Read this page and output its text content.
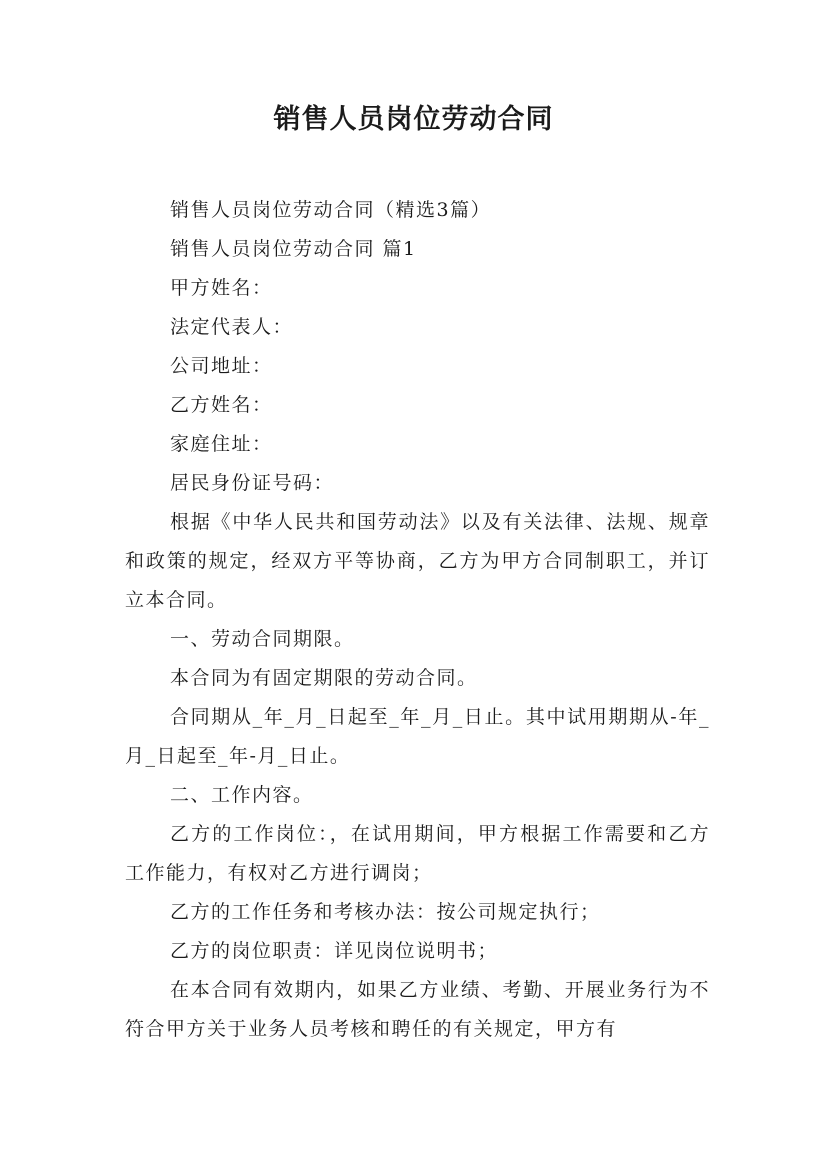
销售人员岗位劳动合同

销售人员岗位劳动合同（精选3篇）

销售人员岗位劳动合同 篇1

甲方姓名：

法定代表人：

公司地址：

乙方姓名：

家庭住址：

居民身份证号码：

根据《中华人民共和国劳动法》以及有关法律、法规、规章和政策的规定，经双方平等协商，乙方为甲方合同制职工，并订立本合同。

一、劳动合同期限。

本合同为有固定期限的劳动合同。

合同期从_年_月_日起至_年_月_日止。其中试用期期从-年_月_日起至_年-月_日止。

二、工作内容。

乙方的工作岗位：，在试用期间，甲方根据工作需要和乙方工作能力，有权对乙方进行调岗；

乙方的工作任务和考核办法：按公司规定执行；

乙方的岗位职责：详见岗位说明书；

在本合同有效期内，如果乙方业绩、考勤、开展业务行为不符合甲方关于业务人员考核和聘任的有关规定，甲方有
